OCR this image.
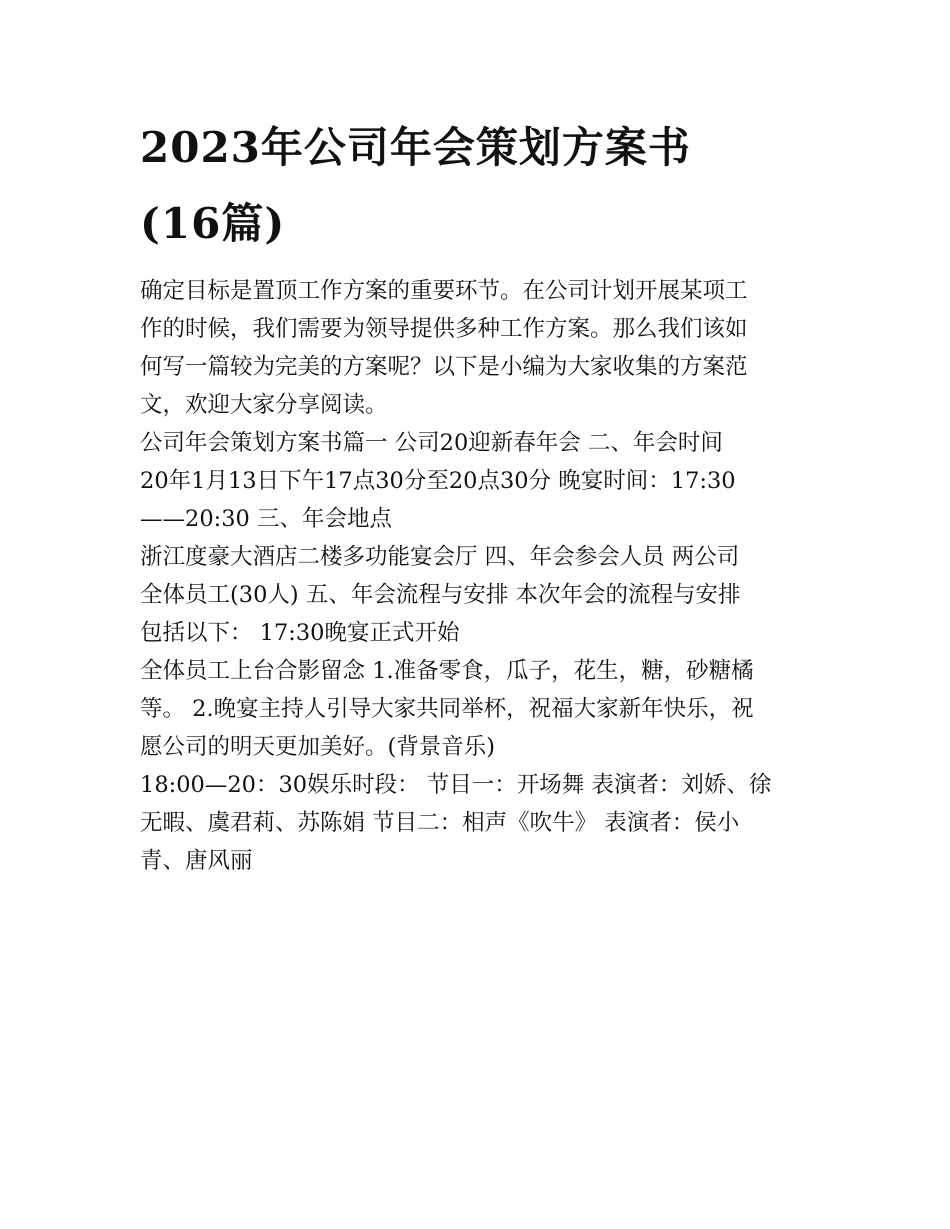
2023年公司年会策划方案书
(16篇)

确定目标是置顶工作方案的重要环节。在公司计划开展某项工
作的时候，我们需要为领导提供多种工作方案。那么我们该如
何写一篇较为完美的方案呢？以下是小编为大家收集的方案范
文，欢迎大家分享阅读。

公司年会策划方案书篇一 公司20迎新春年会 二、年会时间
20年1月13日下午17点30分至20点30分 晚宴时间：17:30
——20:30 三、年会地点

浙江度豪大酒店二楼多功能宴会厅 四、年会参会人员 两公司
全体员工(30人) 五、年会流程与安排 本次年会的流程与安排
包括以下： 17:30晚宴正式开始

全体员工上台合影留念 1.准备零食，瓜子，花生，糖，砂糖橘
等。 2.晚宴主持人引导大家共同举杯，祝福大家新年快乐，祝
愿公司的明天更加美好。(背景音乐)

18:00—20：30娱乐时段： 节目一：开场舞 表演者：刘娇、徐
无暇、虞君莉、苏陈娟 节目二：相声《吹牛》 表演者：侯小
青、唐风丽
